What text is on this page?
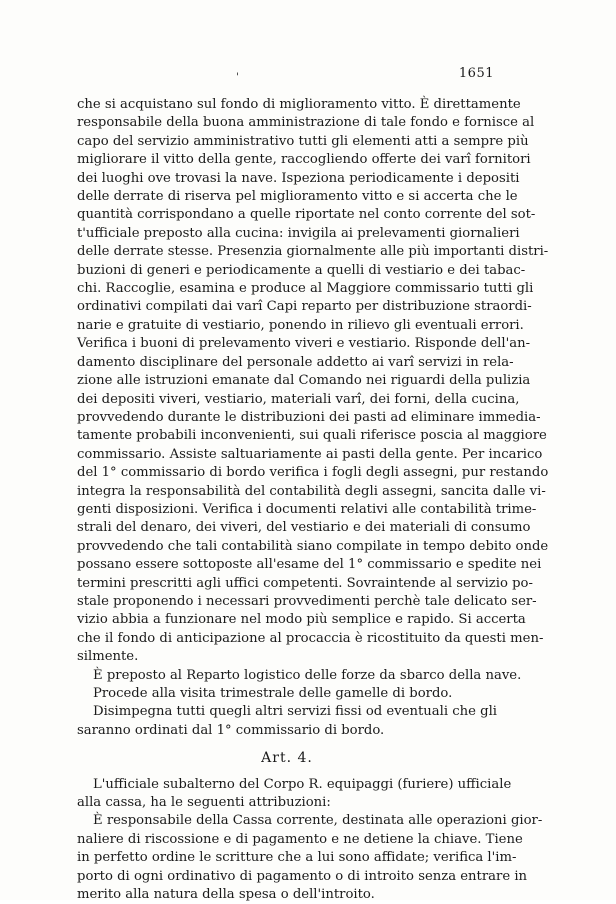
'	1651
che si acquistano sul fondo di miglioramento vitto. È direttamente
responsabile della buona amministrazione di tale fondo e fornisce al
capo del servizio amministrativo tutti gli elementi atti a sempre più
migliorare il vitto della gente, raccogliendo offerte dei varî fornitori
dei luoghi ove trovasi la nave. Ispeziona periodicamente i depositi
delle derrate di riserva pel miglioramento vitto e si accerta che le
quantità corrispondano a quelle riportate nel conto corrente del sot-
t'ufficiale preposto alla cucina: invigila ai prelevamenti giornalieri
delle derrate stesse. Presenzia giornalmente alle più importanti distri-
buzioni di generi e periodicamente a quelli di vestiario e dei tabac-
chi. Raccoglie, esamina e produce al Maggiore commissario tutti gli
ordinativi compilati dai varî Capi reparto per distribuzione straordi-
narie e gratuite di vestiario, ponendo in rilievo gli eventuali errori.
Verifica i buoni di prelevamento viveri e vestiario. Risponde dell'an-
damento disciplinare del personale addetto ai varî servizi in rela-
zione alle istruzioni emanate dal Comando nei riguardi della pulizia
dei depositi viveri, vestiario, materiali varî, dei forni, della cucina,
provvedendo durante le distribuzioni dei pasti ad eliminare immedia-
tamente probabili inconvenienti, sui quali riferisce poscia al maggiore
commissario. Assiste saltuariamente ai pasti della gente. Per incarico
del 1° commissario di bordo verifica i fogli degli assegni, pur restando
integra la responsabilità del contabilità degli assegni, sancita dalle vi-
genti disposizioni. Verifica i documenti relativi alle contabilità trime-
strali del denaro, dei viveri, del vestiario e dei materiali di consumo
provvedendo che tali contabilità siano compilate in tempo debito onde
possano essere sottoposte all'esame del 1° commissario e spedite nei
termini prescritti agli uffici competenti. Sovraintende al servizio po-
stale proponendo i necessari provvedimenti perchè tale delicato ser-
vizio abbia a funzionare nel modo più semplice e rapido. Si accerta
che il fondo di anticipazione al procaccia è ricostituito da questi men-
silmente.
È preposto al Reparto logistico delle forze da sbarco della nave.
Procede alla visita trimestrale delle gamelle di bordo.
Disimpegna tutti quegli altri servizi fissi od eventuali che gli
saranno ordinati dal 1° commissario di bordo.
Art. 4.
L'ufficiale subalterno del Corpo R. equipaggi (furiere) ufficiale
alla cassa, ha le seguenti attribuzioni:
È responsabile della Cassa corrente, destinata alle operazioni gior-
naliere di riscossione e di pagamento e ne detiene la chiave. Tiene
in perfetto ordine le scritture che a lui sono affidate; verifica l'im-
porto di ogni ordinativo di pagamento o di introito senza entrare in
merito alla natura della spesa o dell'introito.
